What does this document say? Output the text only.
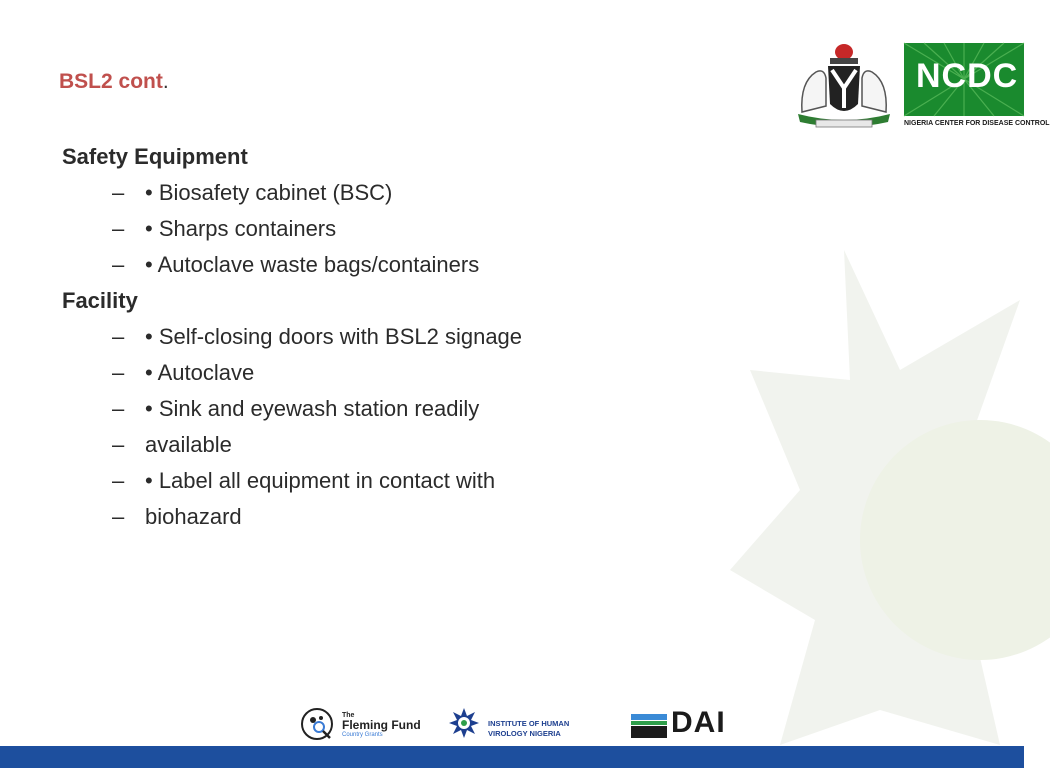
BSL2 cont.
Safety Equipment
– • Biosafety cabinet (BSC)
– • Sharps containers
– • Autoclave waste bags/containers
Facility
– • Self-closing doors with BSL2 signage
– • Autoclave
– • Sink and eyewash station readily
– available
– • Label all equipment in contact with
– biohazard
NCDC
NIGERIA CENTER FOR DISEASE CONTROL
The
Fleming Fund
Country Grants
INSTITUTE OF HUMAN
VIROLOGY NIGERIA	DAI
